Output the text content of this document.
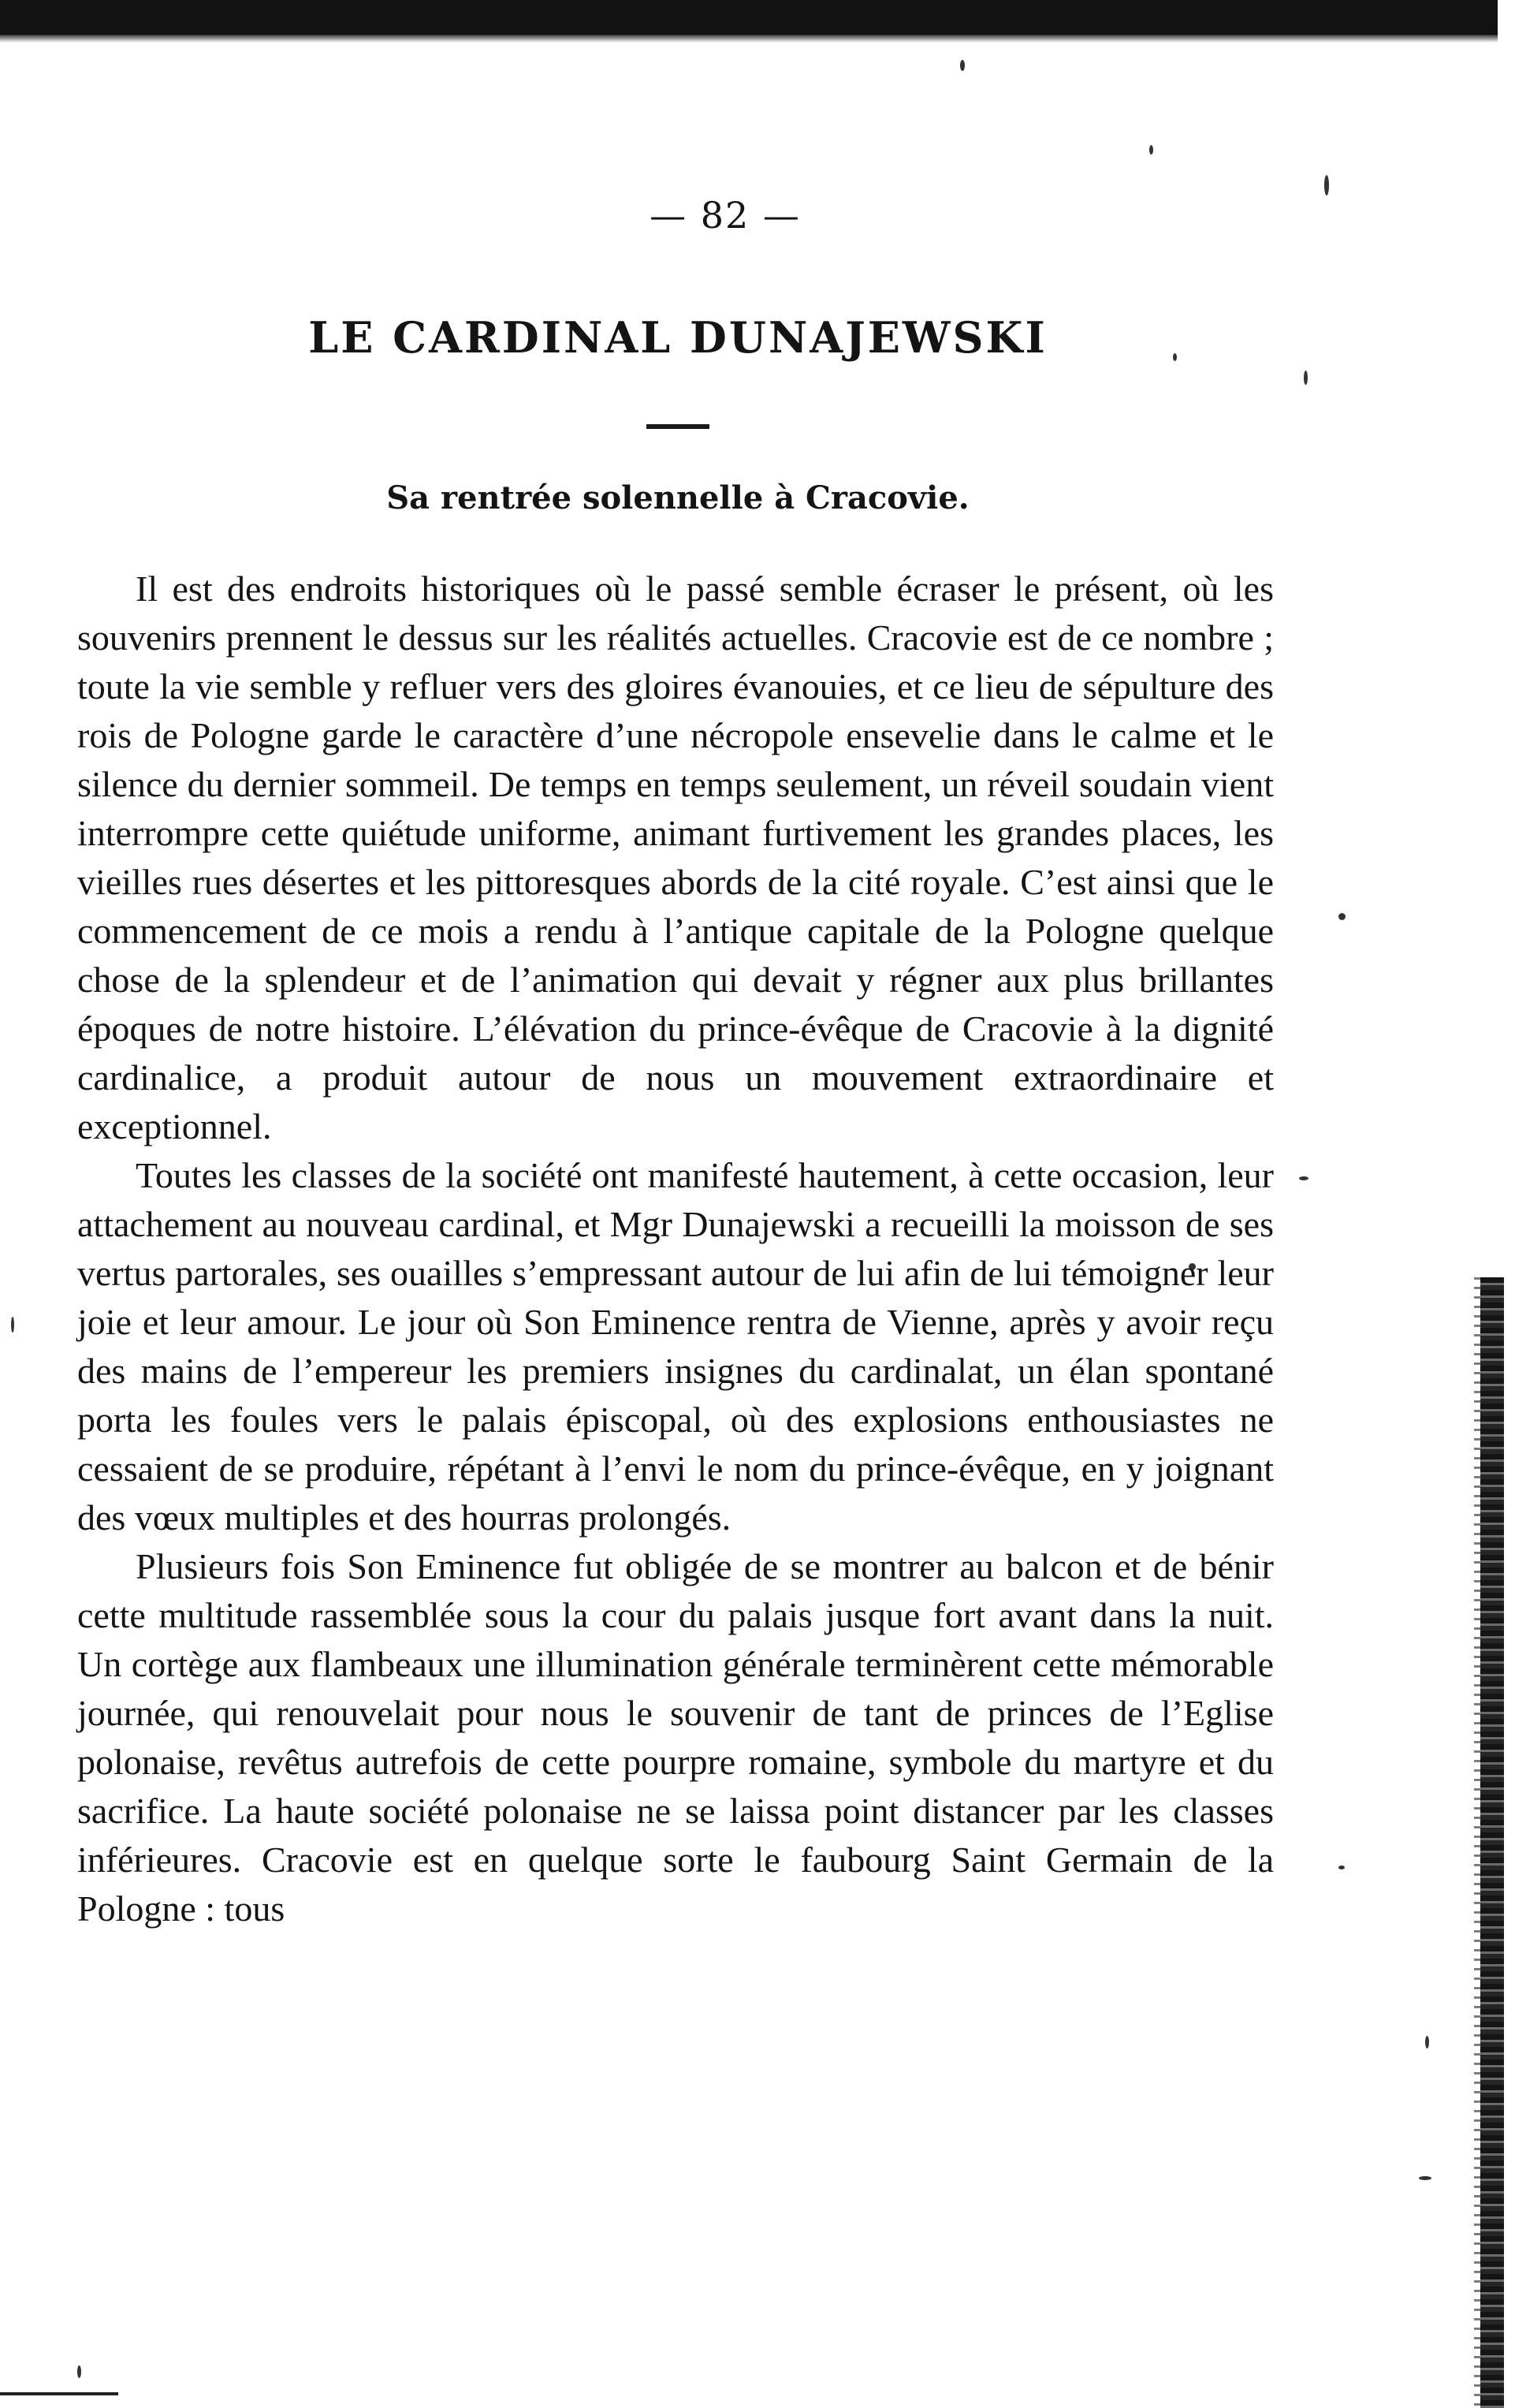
— 82 —
LE CARDINAL DUNAJEWSKI
Sa rentrée solennelle à Cracovie.

Il est des endroits historiques où le passé semble écraser le présent, où les souvenirs prennent le dessus sur les réalités actuelles. Cracovie est de ce nombre ; toute la vie semble y refluer vers des gloires évanouies, et ce lieu de sépulture des rois de Pologne garde le caractère d’une nécropole ensevelie dans le calme et le silence du dernier sommeil. De temps en temps seulement, un réveil soudain vient interrompre cette quiétude uniforme, animant furtivement les grandes places, les vieilles rues désertes et les pittoresques abords de la cité royale. C’est ainsi que le commencement de ce mois a rendu à l’antique capitale de la Pologne quelque chose de la splendeur et de l’animation qui devait y régner aux plus brillantes époques de notre histoire. L’élévation du prince-évêque de Cracovie à la dignité cardinalice, a produit autour de nous un mouvement extraordinaire et exceptionnel.

Toutes les classes de la société ont manifesté hautement, à cette occasion, leur attachement au nouveau cardinal, et Mgr Dunajewski a recueilli la moisson de ses vertus partorales, ses ouailles s’empressant autour de lui afin de lui témoigner leur joie et leur amour. Le jour où Son Eminence rentra de Vienne, après y avoir reçu des mains de l’empereur les premiers insignes du cardinalat, un élan spontané porta les foules vers le palais épiscopal, où des explosions enthousiastes ne cessaient de se produire, répétant à l’envi le nom du prince-évêque, en y joignant des vœux multiples et des hourras prolongés.

Plusieurs fois Son Eminence fut obligée de se montrer au balcon et de bénir cette multitude rassemblée sous la cour du palais jusque fort avant dans la nuit. Un cortège aux flambeaux une illumination générale terminèrent cette mémorable journée, qui renouvelait pour nous le souvenir de tant de princes de l’Eglise polonaise, revêtus autrefois de cette pourpre romaine, symbole du martyre et du sacrifice. La haute société polonaise ne se laissa point distancer par les classes inférieures. Cracovie est en quelque sorte le faubourg Saint Germain de la Pologne : tous
